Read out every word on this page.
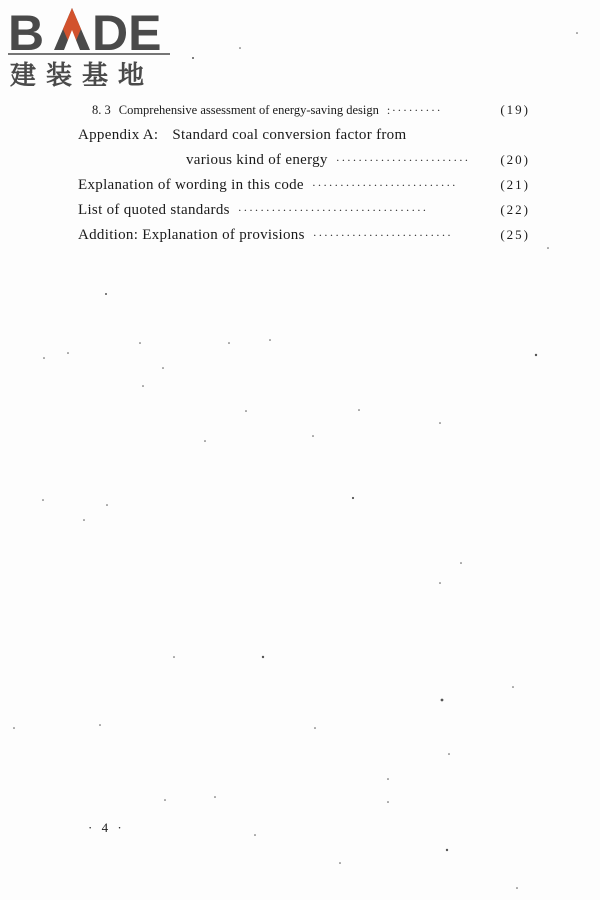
B DE
建装基地
8. 3 Comprehensive assessment of energy-saving design :·········	(19)
Appendix A: Standard coal conversion factor from
various kind of energy ························	(20)
Explanation of wording in this code ··························	(21)
List of quoted standards ··································	(22)
Addition: Explanation of provisions ·························	(25)
· 4 ·
